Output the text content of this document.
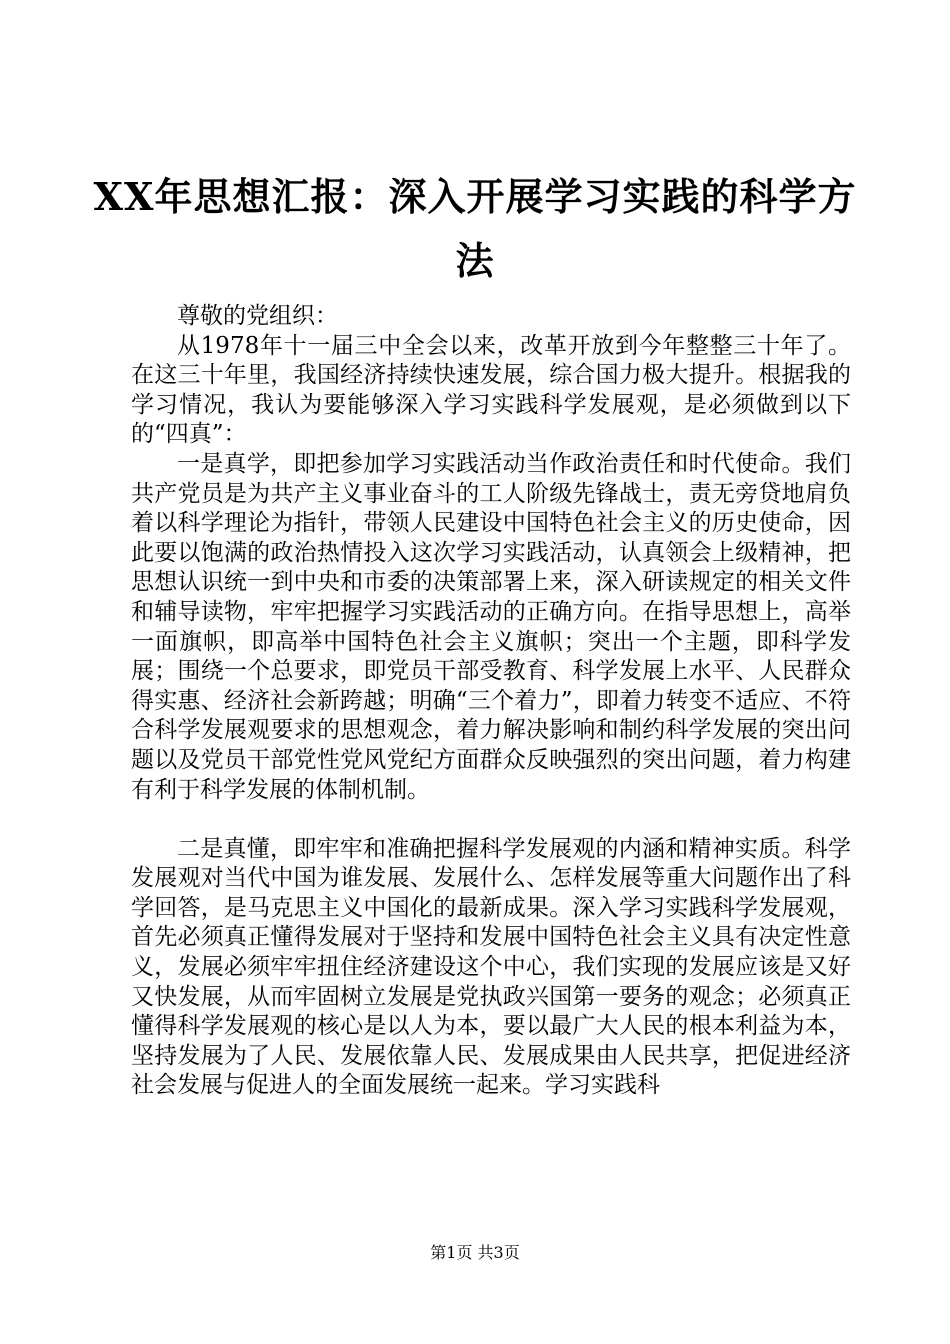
XX年思想汇报：深入开展学习实践的科学方法

尊敬的党组织：

从1978年十一届三中全会以来，改革开放到今年整整三十年了。在这三十年里，我国经济持续快速发展，综合国力极大提升。根据我的学习情况，我认为要能够深入学习实践科学发展观，是必须做到以下的“四真”：

一是真学，即把参加学习实践活动当作政治责任和时代使命。我们共产党员是为共产主义事业奋斗的工人阶级先锋战士，责无旁贷地肩负着以科学理论为指针，带领人民建设中国特色社会主义的历史使命，因此要以饱满的政治热情投入这次学习实践活动，认真领会上级精神，把思想认识统一到中央和市委的决策部署上来，深入研读规定的相关文件和辅导读物，牢牢把握学习实践活动的正确方向。在指导思想上，高举一面旗帜，即高举中国特色社会主义旗帜；突出一个主题，即科学发展；围绕一个总要求，即党员干部受教育、科学发展上水平、人民群众得实惠、经济社会新跨越；明确“三个着力”，即着力转变不适应、不符合科学发展观要求的思想观念，着力解决影响和制约科学发展的突出问题以及党员干部党性党风党纪方面群众反映强烈的突出问题，着力构建有利于科学发展的体制机制。

二是真懂，即牢牢和准确把握科学发展观的内涵和精神实质。科学发展观对当代中国为谁发展、发展什么、怎样发展等重大问题作出了科学回答，是马克思主义中国化的最新成果。深入学习实践科学发展观，首先必须真正懂得发展对于坚持和发展中国特色社会主义具有决定性意义，发展必须牢牢扭住经济建设这个中心，我们实现的发展应该是又好又快发展，从而牢固树立发展是党执政兴国第一要务的观念；必须真正懂得科学发展观的核心是以人为本，要以最广大人民的根本利益为本，坚持发展为了人民、发展依靠人民、发展成果由人民共享，把促进经济社会发展与促进人的全面发展统一起来。学习实践科

第1页 共3页
